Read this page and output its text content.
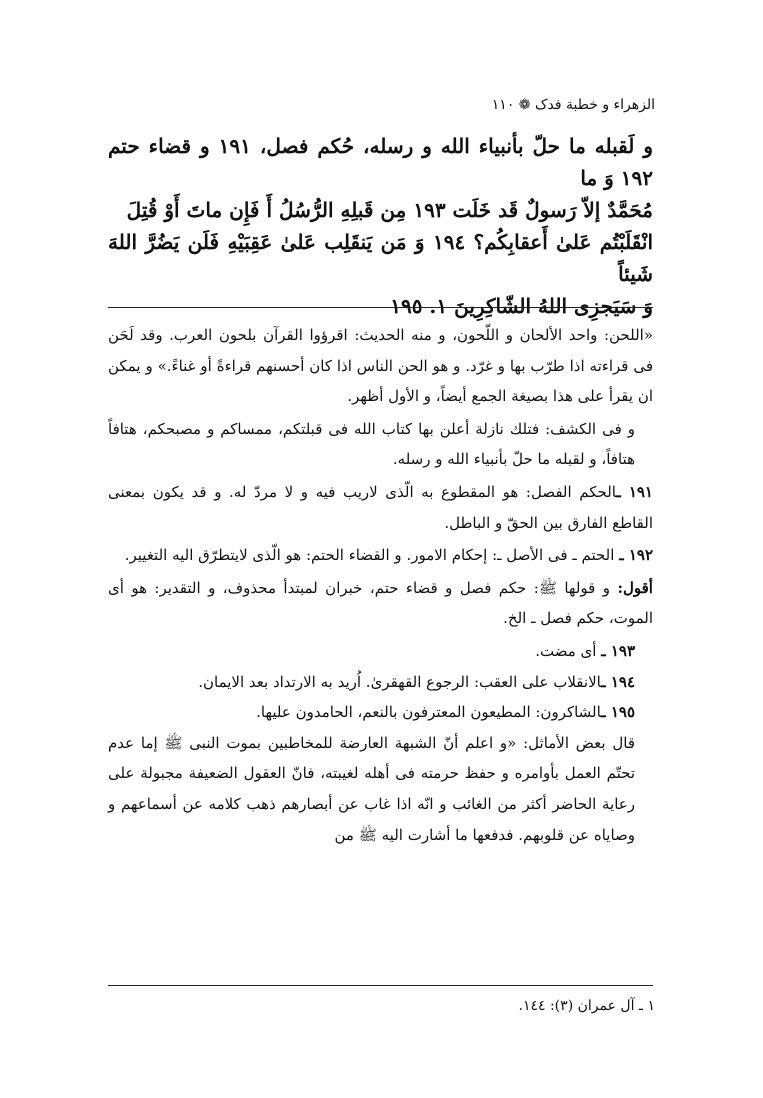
الزهراء و خطبة فدک ❁ ١١٠

و لَقبله ما حلّ بأنبياء الله و رسله، حُكم فصل، ١٩١ و قضاء حتم ١٩٢ وَ ما

مُحَمَّدٌ إلاّ رَسولٌ قَد خَلَت ١٩٣ مِن قَبلِهِ الرُّسُلُ أَ فَإِن ماتَ أَوْ قُتِلَ

انْقَلَبْتُم عَلىٰ أَعقابِكُم؟ ١٩٤ وَ مَن يَنقَلِب عَلىٰ عَقِبَيْهِ فَلَن يَضُرَّ اللهَ شَيئاً

وَ سَيَجزِى اللهُ الشّاكِرِينَ ١. ١٩٥

«اللحن: واحد الألحان و اللّحون، و منه الحديث: اقرؤوا القرآن بلحون العرب. وقد لَحَن فى قراءته اذا طرّب بها و غرّد. و هو الحن الناس اذا كان أحسنهم قراءةً أو غناءً.» و يمكن ان يقرأ على هذا بصيغة الجمع أيضاً، و الأول أظهر.

و فى الكشف: فتلك نازلة أعلن بها كتاب الله فى قبلتكم، ممساكم و مصبحكم، هتافاً هتافاً، و لقبله ما حلّ بأنبياء الله و رسله.

١٩١ ـالحكم الفصل: هو المقطوع به الّذى لاريب فيه و لا مردّ له. و قد يكون بمعنى القاطع الفارق بين الحقّ و الباطل.

١٩٢ ـ الحتم ـ فى الأصل ـ: إحكام الامور. و القضاء الحتم: هو الّذى لايتطرّق اليه التغيير.

أقول: و قولها ﷺ: حكم فصل و قضاء حتم، خبران لمبتدأ محذوف، و التقدير: هو أى الموت، حكم فصل ـ الخ.

١٩٣ ـ أى مضت.

١٩٤ ـالانقلاب على العقب: الرجوع القهقرىٰ. اُريد به الارتداد بعد الايمان.

١٩٥ ـالشاكرون: المطيعون المعترفون بالنعم، الحامدون عليها.

قال بعض الأماثل: «و اعلم أنّ الشبهة العارضة للمخاطبين بموت النبى ﷺ إما عدم تحتّم العمل بأوامره و حفظ حرمته فى أهله لغيبته، فانّ العقول الضعيفة مجبولة على رعاية الحاضر أكثر من الغائب و انّه اذا غاب عن أبصارهم ذهب كلامه عن أسماعهم و وصاياه عن قلوبهم. فدفعها ما أشارت اليه ﷺ من

١ ـ آل عمران (٣): ١٤٤.
